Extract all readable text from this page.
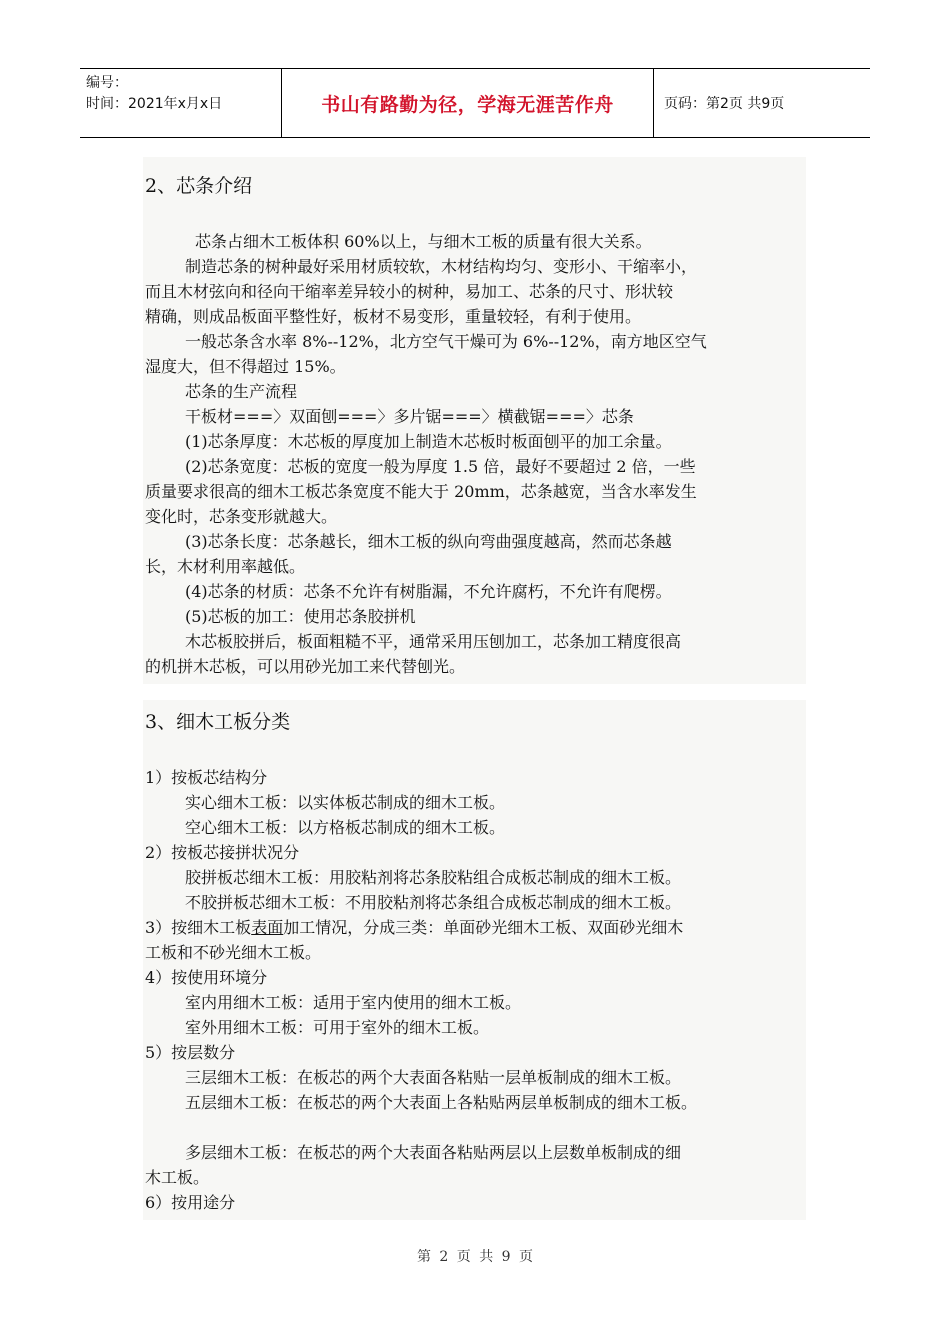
编号：
时间：2021年x月x日	书山有路勤为径，学海无涯苦作舟	页码：第2页 共9页
2、芯条介绍

芯条占细木工板体积 60%以上，与细木工板的质量有很大关系。

制造芯条的树种最好采用材质较软，木材结构均匀、变形小、干缩率小，

而且木材弦向和径向干缩率差异较小的树种，易加工、芯条的尺寸、形状较

精确，则成品板面平整性好，板材不易变形，重量较轻，有利于使用。

一般芯条含水率 8%--12%，北方空气干燥可为 6%--12%，南方地区空气

湿度大，但不得超过 15%。

芯条的生产流程

干板材===〉双面刨===〉多片锯===〉横截锯===〉芯条

(1)芯条厚度：木芯板的厚度加上制造木芯板时板面刨平的加工余量。

(2)芯条宽度：芯板的宽度一般为厚度 1.5 倍，最好不要超过 2 倍，一些

质量要求很高的细木工板芯条宽度不能大于 20mm，芯条越宽，当含水率发生

变化时，芯条变形就越大。

(3)芯条长度：芯条越长，细木工板的纵向弯曲强度越高，然而芯条越

长，木材利用率越低。

(4)芯条的材质：芯条不允许有树脂漏，不允许腐朽，不允许有爬楞。

(5)芯板的加工：使用芯条胶拼机

木芯板胶拼后，板面粗糙不平，通常采用压刨加工，芯条加工精度很高

的机拼木芯板，可以用砂光加工来代替刨光。

3、细木工板分类

1）按板芯结构分

实心细木工板：以实体板芯制成的细木工板。

空心细木工板：以方格板芯制成的细木工板。

2）按板芯接拼状况分

胶拼板芯细木工板：用胶粘剂将芯条胶粘组合成板芯制成的细木工板。

不胶拼板芯细木工板：不用胶粘剂将芯条组合成板芯制成的细木工板。

3）按细木工板表面加工情况，分成三类：单面砂光细木工板、双面砂光细木

工板和不砂光细木工板。

4）按使用环境分

室内用细木工板：适用于室内使用的细木工板。

室外用细木工板：可用于室外的细木工板。

5）按层数分

三层细木工板：在板芯的两个大表面各粘贴一层单板制成的细木工板。

五层细木工板：在板芯的两个大表面上各粘贴两层单板制成的细木工板。

多层细木工板：在板芯的两个大表面各粘贴两层以上层数单板制成的细

木工板。

6）按用途分

第 2 页 共 9 页
